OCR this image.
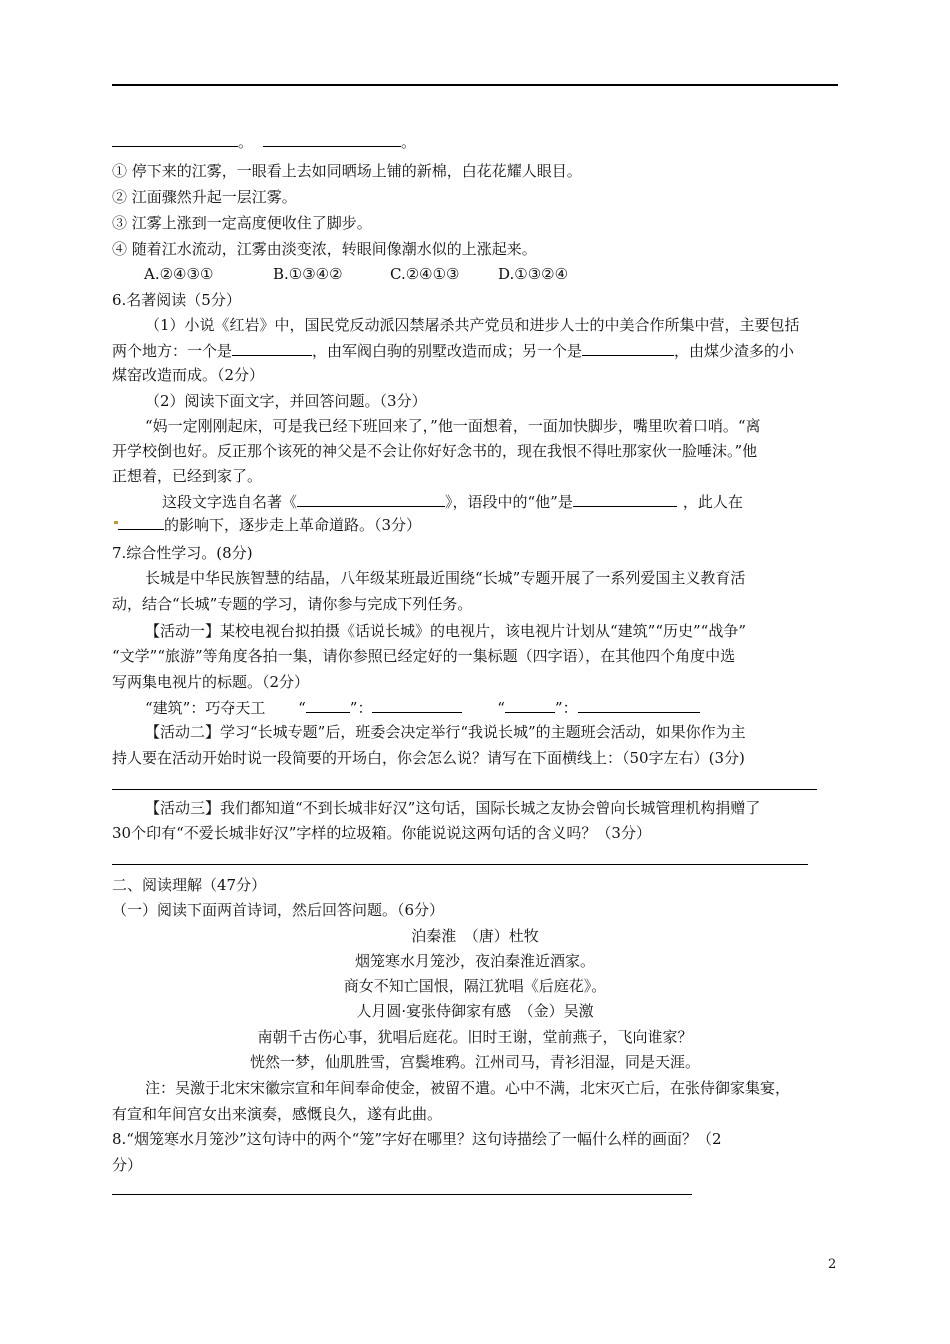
。	。
① 停下来的江雾，一眼看上去如同晒场上铺的新棉，白花花耀人眼目。
② 江面骤然升起一层江雾。
③ 江雾上涨到一定高度便收住了脚步。
④ 随着江水流动，江雾由淡变浓，转眼间像潮水似的上涨起来。
A.②④③①	B.①③④②	C.②④①③	D.①③②④
6.名著阅读（5分）
（1）小说《红岩》中，国民党反动派囚禁屠杀共产党员和进步人士的中美合作所集中营，主要包括
两个地方：一个是	，由军阀白驹的别墅改造而成；另一个是	，由煤少渣多的小
煤窑改造而成。（2分）
（2）阅读下面文字，并回答问题。（3分）
“妈一定刚刚起床，可是我已经下班回来了，”他一面想着，一面加快脚步，嘴里吹着口哨。“离
开学校倒也好。反正那个该死的神父是不会让你好好念书的，现在我恨不得吐那家伙一脸唾沫。”他
正想着，已经到家了。
这段文字选自名著《	》，语段中的“他”是	，此人在
的影响下，逐步走上革命道路。（3分）
7.综合性学习。(8分)
长城是中华民族智慧的结晶，八年级某班最近围绕“长城”专题开展了一系列爱国主义教育活
动，结合“长城”专题的学习，请你参与完成下列任务。
【活动一】某校电视台拟拍摄《话说长城》的电视片，该电视片计划从“建筑”“历史”“战争”
“文学”“旅游”等角度各拍一集，请你参照已经定好的一集标题（四字语），在其他四个角度中选
写两集电视片的标题。（2分）
“建筑”：巧夺天工 “	”：	“	”：
【活动二】学习“长城专题”后，班委会决定举行“我说长城”的主题班会活动，如果你作为主
持人要在活动开始时说一段简要的开场白，你会怎么说？请写在下面横线上：（50字左右）(3分)
【活动三】我们都知道“不到长城非好汉”这句话，国际长城之友协会曾向长城管理机构捐赠了
30个印有“不爱长城非好汉”字样的垃圾箱。你能说说这两句话的含义吗？（3分）
二、阅读理解（47分）
（一）阅读下面两首诗词，然后回答问题。（6分）
泊秦淮　（唐）杜牧
烟笼寒水月笼沙，夜泊秦淮近酒家。
商女不知亡国恨，隔江犹唱《后庭花》。
人月圆·宴张侍御家有感　（金）吴激
南朝千古伤心事，犹唱后庭花。旧时王谢，堂前燕子，飞向谁家？
恍然一梦，仙肌胜雪，宫鬓堆鸦。江州司马，青衫泪湿，同是天涯。
注：吴激于北宋宋徽宗宣和年间奉命使金，被留不遣。心中不满，北宋灭亡后，在张侍御家集宴，
有宣和年间宫女出来演奏，感慨良久，遂有此曲。
8.“烟笼寒水月笼沙”这句诗中的两个“笼”字好在哪里？这句诗描绘了一幅什么样的画面？（2
分）
2
